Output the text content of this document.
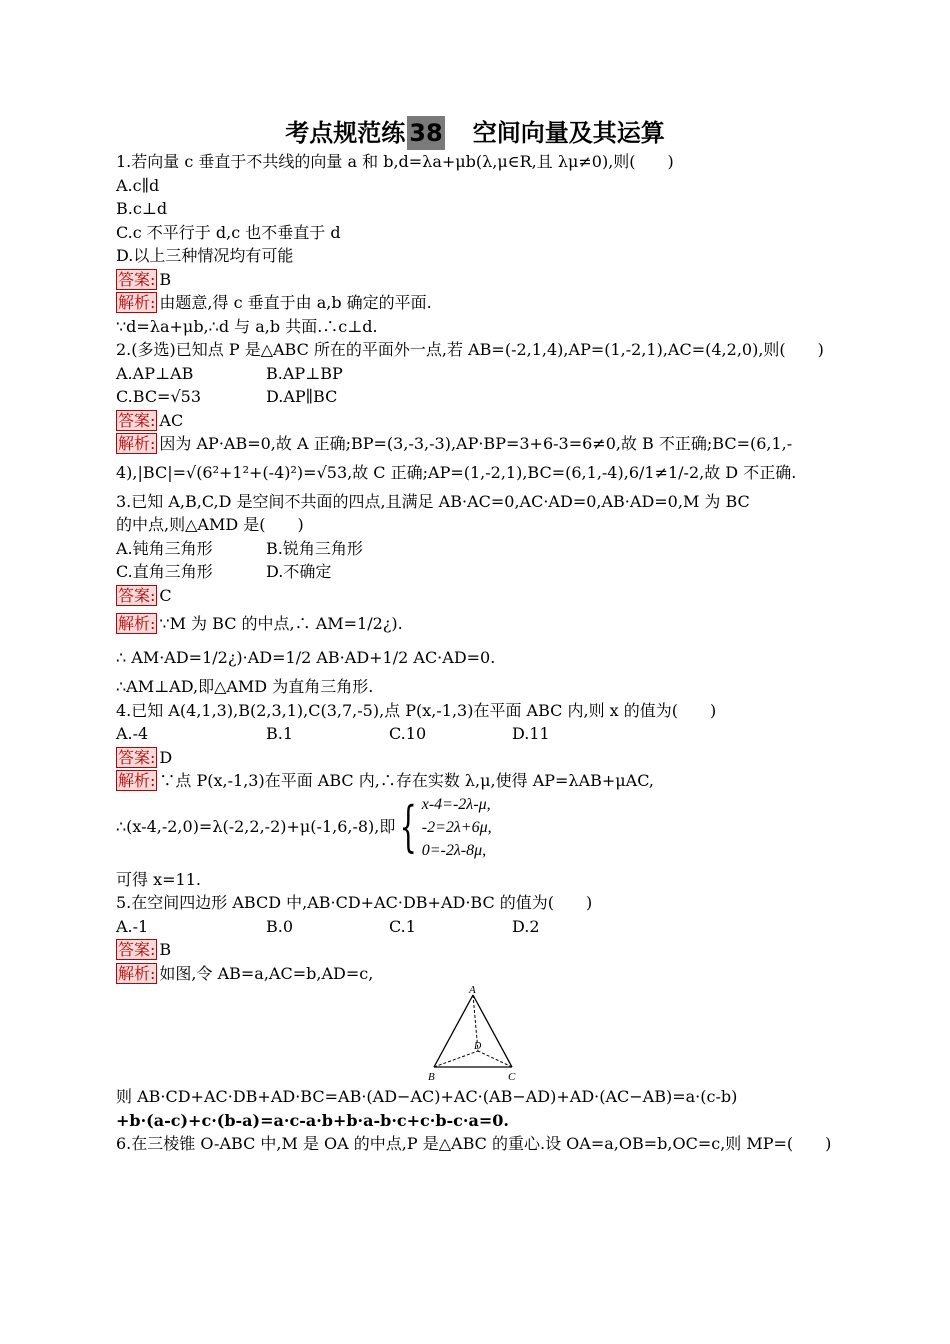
考点规范练 38 空间向量及其运算
1.若向量 c 垂直于不共线的向量 a 和 b,d=λa+μb(λ,μ∈R,且 λμ≠0),则(　　)
A.c∥d
B.c⊥d
C.c 不平行于 d,c 也不垂直于 d
D.以上三种情况均有可能
答案: B
解析: 由题意,得 c 垂直于由 a,b 确定的平面.
∵d=λa+μb,∴d 与 a,b 共面.∴c⊥d.
2.(多选)已知点 P 是△ABC 所在的平面外一点,若 AB=(-2,1,4),AP=(1,-2,1),AC=(4,2,0),则(　　)
A.AP⊥AB	B.AP⊥BP
C.BC=√53	D.AP∥BC
答案: AC
解析: 因为 AP·AB=0,故 A 正确;BP=(3,-3,-3),AP·BP=3+6-3=6≠0,故 B 不正确;BC=(6,1,-
4),|BC|=√(6²+1²+(-4)²)=√53,故 C 正确;AP=(1,-2,1),BC=(6,1,-4),6/1≠1/-2,故 D 不正确.
3.已知 A,B,C,D 是空间不共面的四点,且满足 AB·AC=0,AC·AD=0,AB·AD=0,M 为 BC
的中点,则△AMD 是(　　)
A.钝角三角形	B.锐角三角形
C.直角三角形	D.不确定
答案: C
解析: ∵M 为 BC 的中点,∴ AM=1/2¿).
∴ AM·AD=1/2¿)·AD=1/2 AB·AD+1/2 AC·AD=0.
∴AM⊥AD,即△AMD 为直角三角形.
4.已知 A(4,1,3),B(2,3,1),C(3,7,-5),点 P(x,-1,3)在平面 ABC 内,则 x 的值为(　　)
A.-4	B.1	C.10	D.11
答案: D
解析: ∵点 P(x,-1,3)在平面 ABC 内,∴存在实数 λ,μ,使得 AP=λAB+μAC,
∴(x-4,-2,0)=λ(-2,2,-2)+μ(-1,6,-8),即{ x-4=-2λ-μ,
-2=2λ+6μ,
0=-2λ-8μ,
可得 x=11.
5.在空间四边形 ABCD 中,AB·CD+AC·DB+AD·BC 的值为(　　)
A.-1	B.0	C.1	D.2
答案: B
解析: 如图,令 AB=a,AC=b,AD=c,
A
B	C
D
则 AB·CD+AC·DB+AD·BC=AB·(AD−AC)+AC·(AB−AD)+AD·(AC−AB)=a·(c-b)
+b·(a-c)+c·(b-a)=a·c-a·b+b·a-b·c+c·b-c·a=0.
6.在三棱锥 O-ABC 中,M 是 OA 的中点,P 是△ABC 的重心.设 OA=a,OB=b,OC=c,则 MP=(　　)
